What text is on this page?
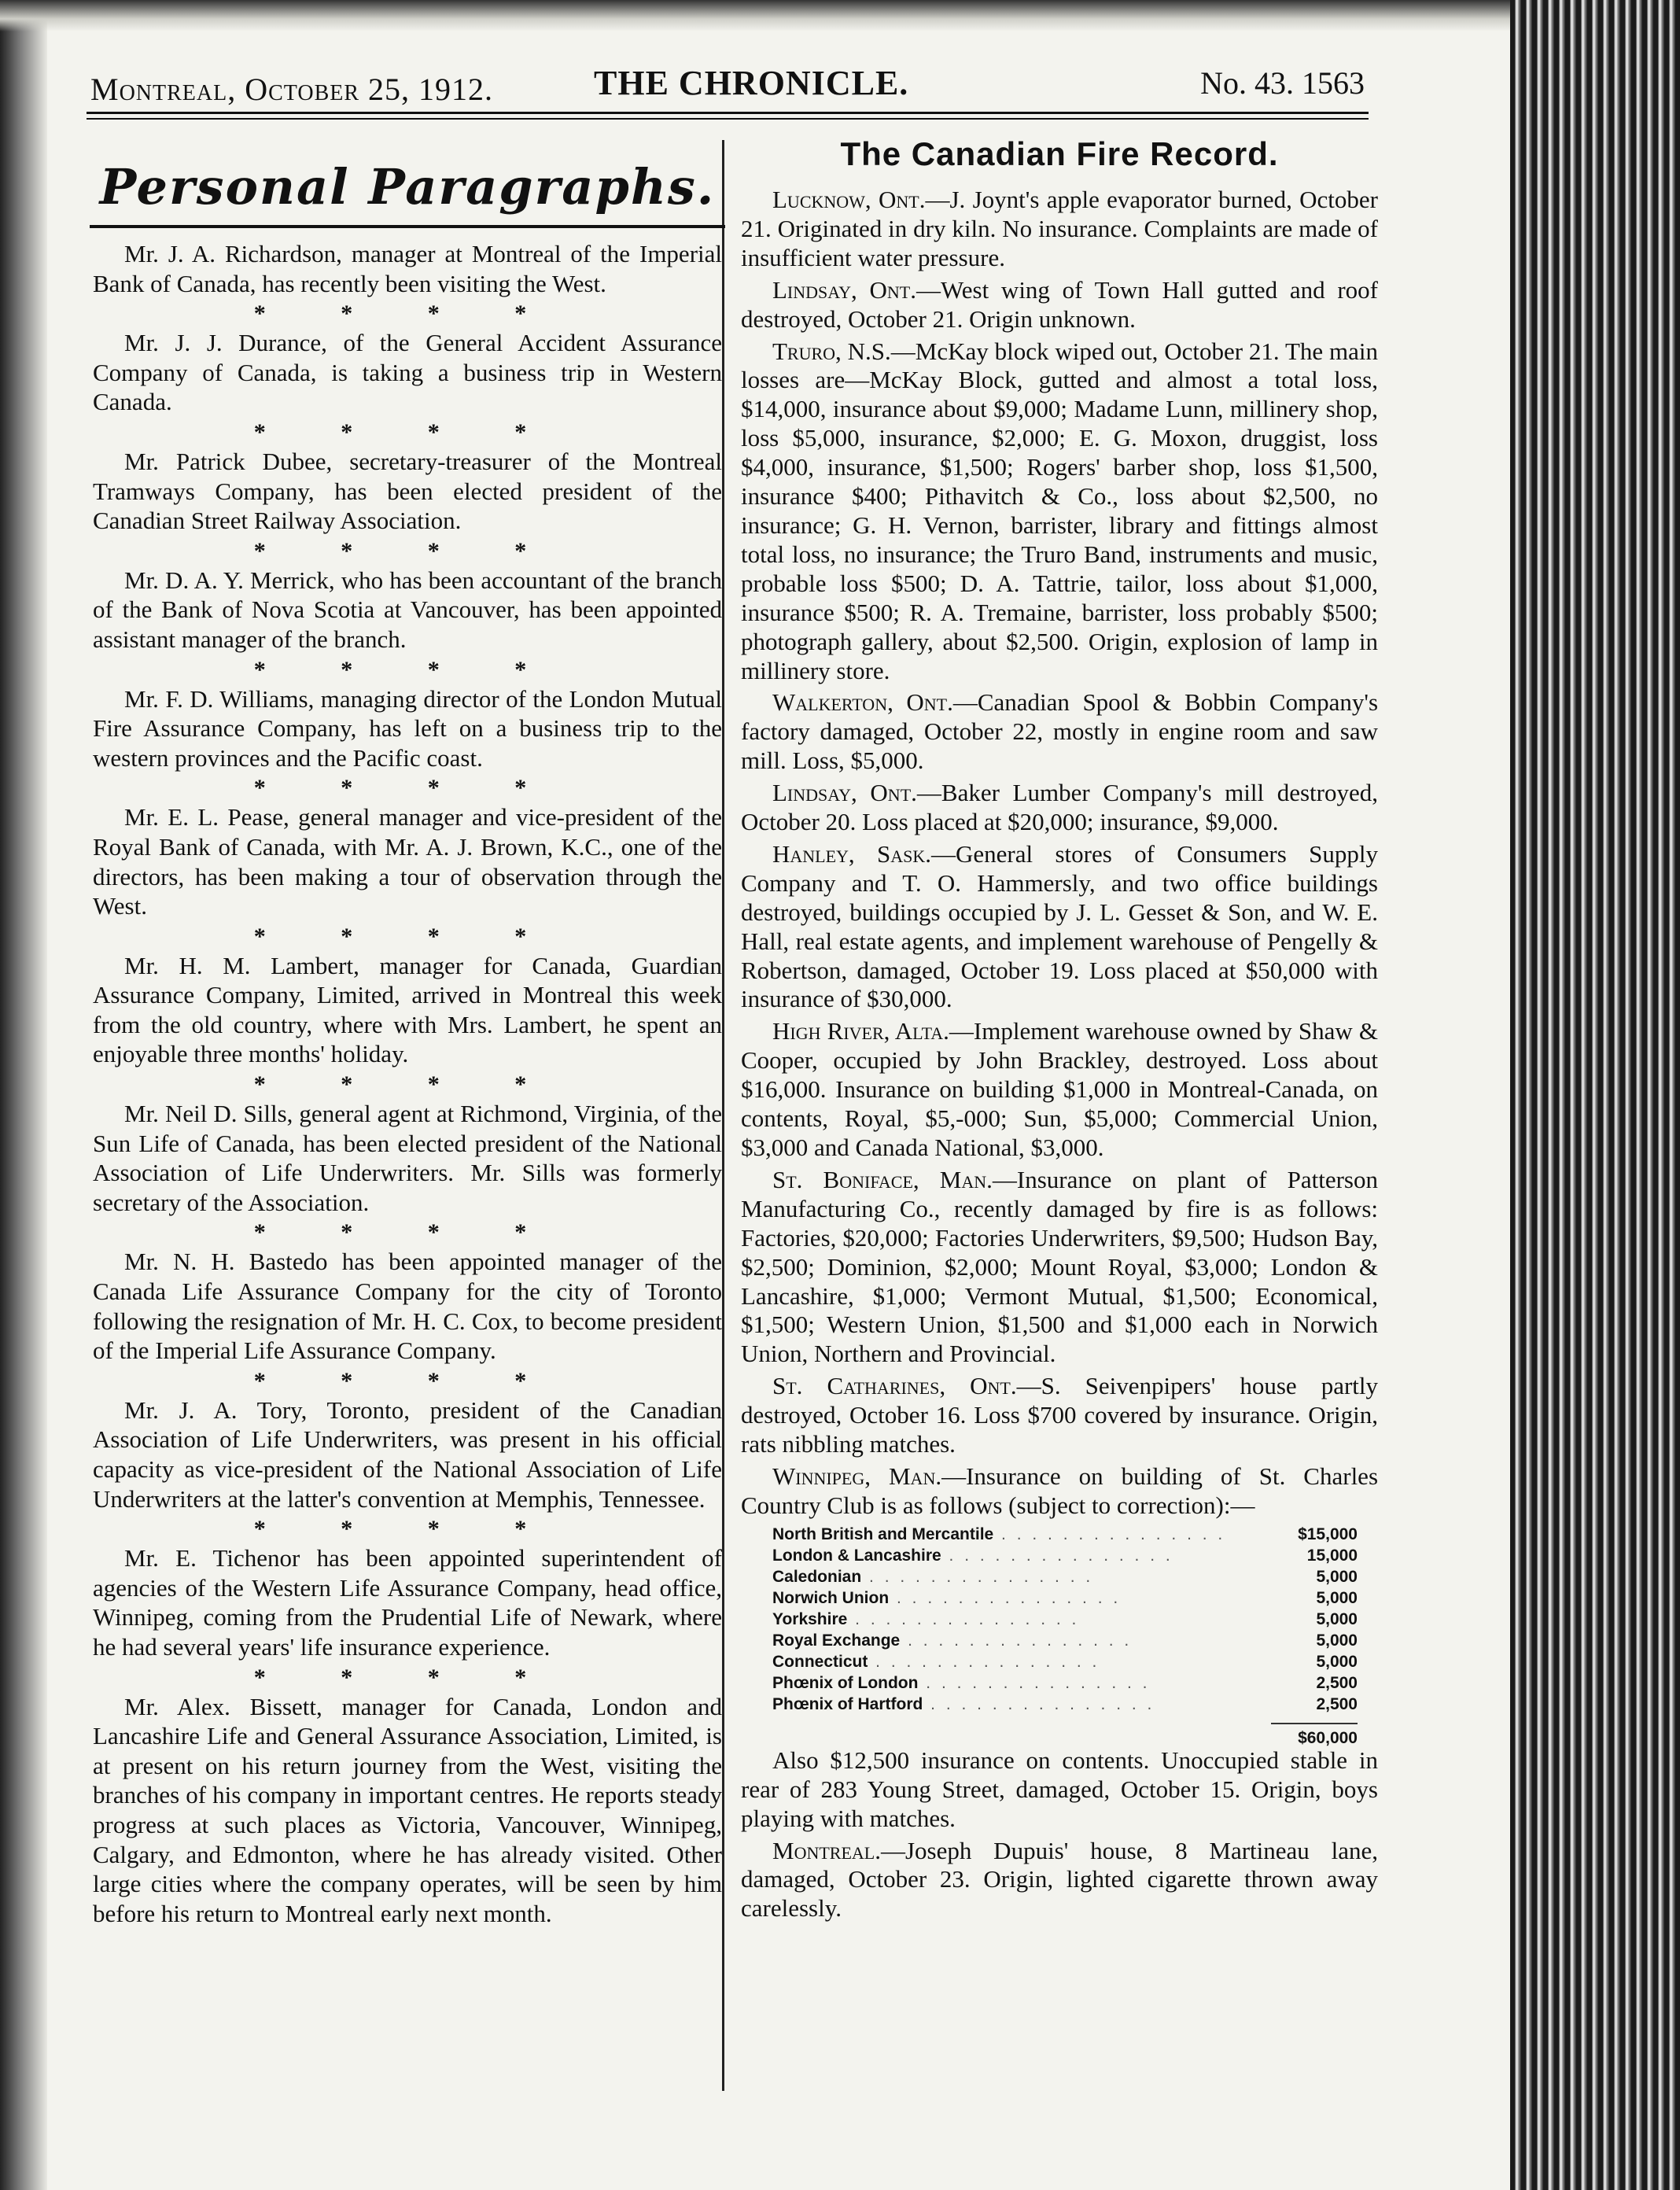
Montreal, October 25, 1912.	THE CHRONICLE.	No. 43. 1563
Personal Paragraphs.

Mr. J. A. Richardson, manager at Montreal of the Imperial Bank of Canada, has recently been visiting the West.

* * * *

Mr. J. J. Durance, of the General Accident Assurance Company of Canada, is taking a business trip in Western Canada.

* * * *

Mr. Patrick Dubee, secretary-treasurer of the Montreal Tramways Company, has been elected president of the Canadian Street Railway Association.

* * * *

Mr. D. A. Y. Merrick, who has been accountant of the branch of the Bank of Nova Scotia at Vancouver, has been appointed assistant manager of the branch.

* * * *

Mr. F. D. Williams, managing director of the London Mutual Fire Assurance Company, has left on a business trip to the western provinces and the Pacific coast.

* * * *

Mr. E. L. Pease, general manager and vice-president of the Royal Bank of Canada, with Mr. A. J. Brown, K.C., one of the directors, has been making a tour of observation through the West.

* * * *

Mr. H. M. Lambert, manager for Canada, Guardian Assurance Company, Limited, arrived in Montreal this week from the old country, where with Mrs. Lambert, he spent an enjoyable three months' holiday.

* * * *

Mr. Neil D. Sills, general agent at Richmond, Virginia, of the Sun Life of Canada, has been elected president of the National Association of Life Underwriters. Mr. Sills was formerly secretary of the Association.

* * * *

Mr. N. H. Bastedo has been appointed manager of the Canada Life Assurance Company for the city of Toronto following the resignation of Mr. H. C. Cox, to become president of the Imperial Life Assurance Company.

* * * *

Mr. J. A. Tory, Toronto, president of the Canadian Association of Life Underwriters, was present in his official capacity as vice-president of the National Association of Life Underwriters at the latter's convention at Memphis, Tennessee.

* * * *

Mr. E. Tichenor has been appointed superintendent of agencies of the Western Life Assurance Company, head office, Winnipeg, coming from the Prudential Life of Newark, where he had several years' life insurance experience.

* * * *

Mr. Alex. Bissett, manager for Canada, London and Lancashire Life and General Assurance Association, Limited, is at present on his return journey from the West, visiting the branches of his company in important centres. He reports steady progress at such places as Victoria, Vancouver, Winnipeg, Calgary, and Edmonton, where he has already visited. Other large cities where the company operates, will be seen by him before his return to Montreal early next month.

The Canadian Fire Record.

Lucknow, Ont.—J. Joynt's apple evaporator burned, October 21. Originated in dry kiln. No insurance. Complaints are made of insufficient water pressure.

Lindsay, Ont.—West wing of Town Hall gutted and roof destroyed, October 21. Origin unknown.

Truro, N.S.—McKay block wiped out, October 21. The main losses are—McKay Block, gutted and almost a total loss, $14,000, insurance about $9,000; Madame Lunn, millinery shop, loss $5,000, insurance, $2,000; E. G. Moxon, druggist, loss $4,000, insurance, $1,500; Rogers' barber shop, loss $1,500, insurance $400; Pithavitch & Co., loss about $2,500, no insurance; G. H. Vernon, barrister, library and fittings almost total loss, no insurance; the Truro Band, instruments and music, probable loss $500; D. A. Tattrie, tailor, loss about $1,000, insurance $500; R. A. Tremaine, barrister, loss probably $500; photograph gallery, about $2,500. Origin, explosion of lamp in millinery store.

Walkerton, Ont.—Canadian Spool & Bobbin Company's factory damaged, October 22, mostly in engine room and saw mill. Loss, $5,000.

Lindsay, Ont.—Baker Lumber Company's mill destroyed, October 20. Loss placed at $20,000; insurance, $9,000.

Hanley, Sask.—General stores of Consumers Supply Company and T. O. Hammersly, and two office buildings destroyed, buildings occupied by J. L. Gesset & Son, and W. E. Hall, real estate agents, and implement warehouse of Pengelly & Robertson, damaged, October 19. Loss placed at $50,000 with insurance of $30,000.

High River, Alta.—Implement warehouse owned by Shaw & Cooper, occupied by John Brackley, destroyed. Loss about $16,000. Insurance on building $1,000 in Montreal-Canada, on contents, Royal, $5,-000; Sun, $5,000; Commercial Union, $3,000 and Canada National, $3,000.

St. Boniface, Man.—Insurance on plant of Patterson Manufacturing Co., recently damaged by fire is as follows: Factories, $20,000; Factories Underwriters, $9,500; Hudson Bay, $2,500; Dominion, $2,000; Mount Royal, $3,000; London & Lancashire, $1,000; Vermont Mutual, $1,500; Economical, $1,500; Western Union, $1,500 and $1,000 each in Norwich Union, Northern and Provincial.

St. Catharines, Ont.—S. Seivenpipers' house partly destroyed, October 16. Loss $700 covered by insurance. Origin, rats nibbling matches.

Winnipeg, Man.—Insurance on building of St. Charles Country Club is as follows (subject to correction):—

North British and Mercantile . . . . . . . . . . . . . . .	$15,000
London & Lancashire . . . . . . . . . . . . . . .	15,000
Caledonian . . . . . . . . . . . . . . .	5,000
Norwich Union . . . . . . . . . . . . . . .	5,000
Yorkshire . . . . . . . . . . . . . . .	5,000
Royal Exchange . . . . . . . . . . . . . . .	5,000
Connecticut . . . . . . . . . . . . . . .	5,000
Phœnix of London . . . . . . . . . . . . . . .	2,500
Phœnix of Hartford . . . . . . . . . . . . . . .	2,500
$60,000

Also $12,500 insurance on contents. Unoccupied stable in rear of 283 Young Street, damaged, October 15. Origin, boys playing with matches.

Montreal.—Joseph Dupuis' house, 8 Martineau lane, damaged, October 23. Origin, lighted cigarette thrown away carelessly.
